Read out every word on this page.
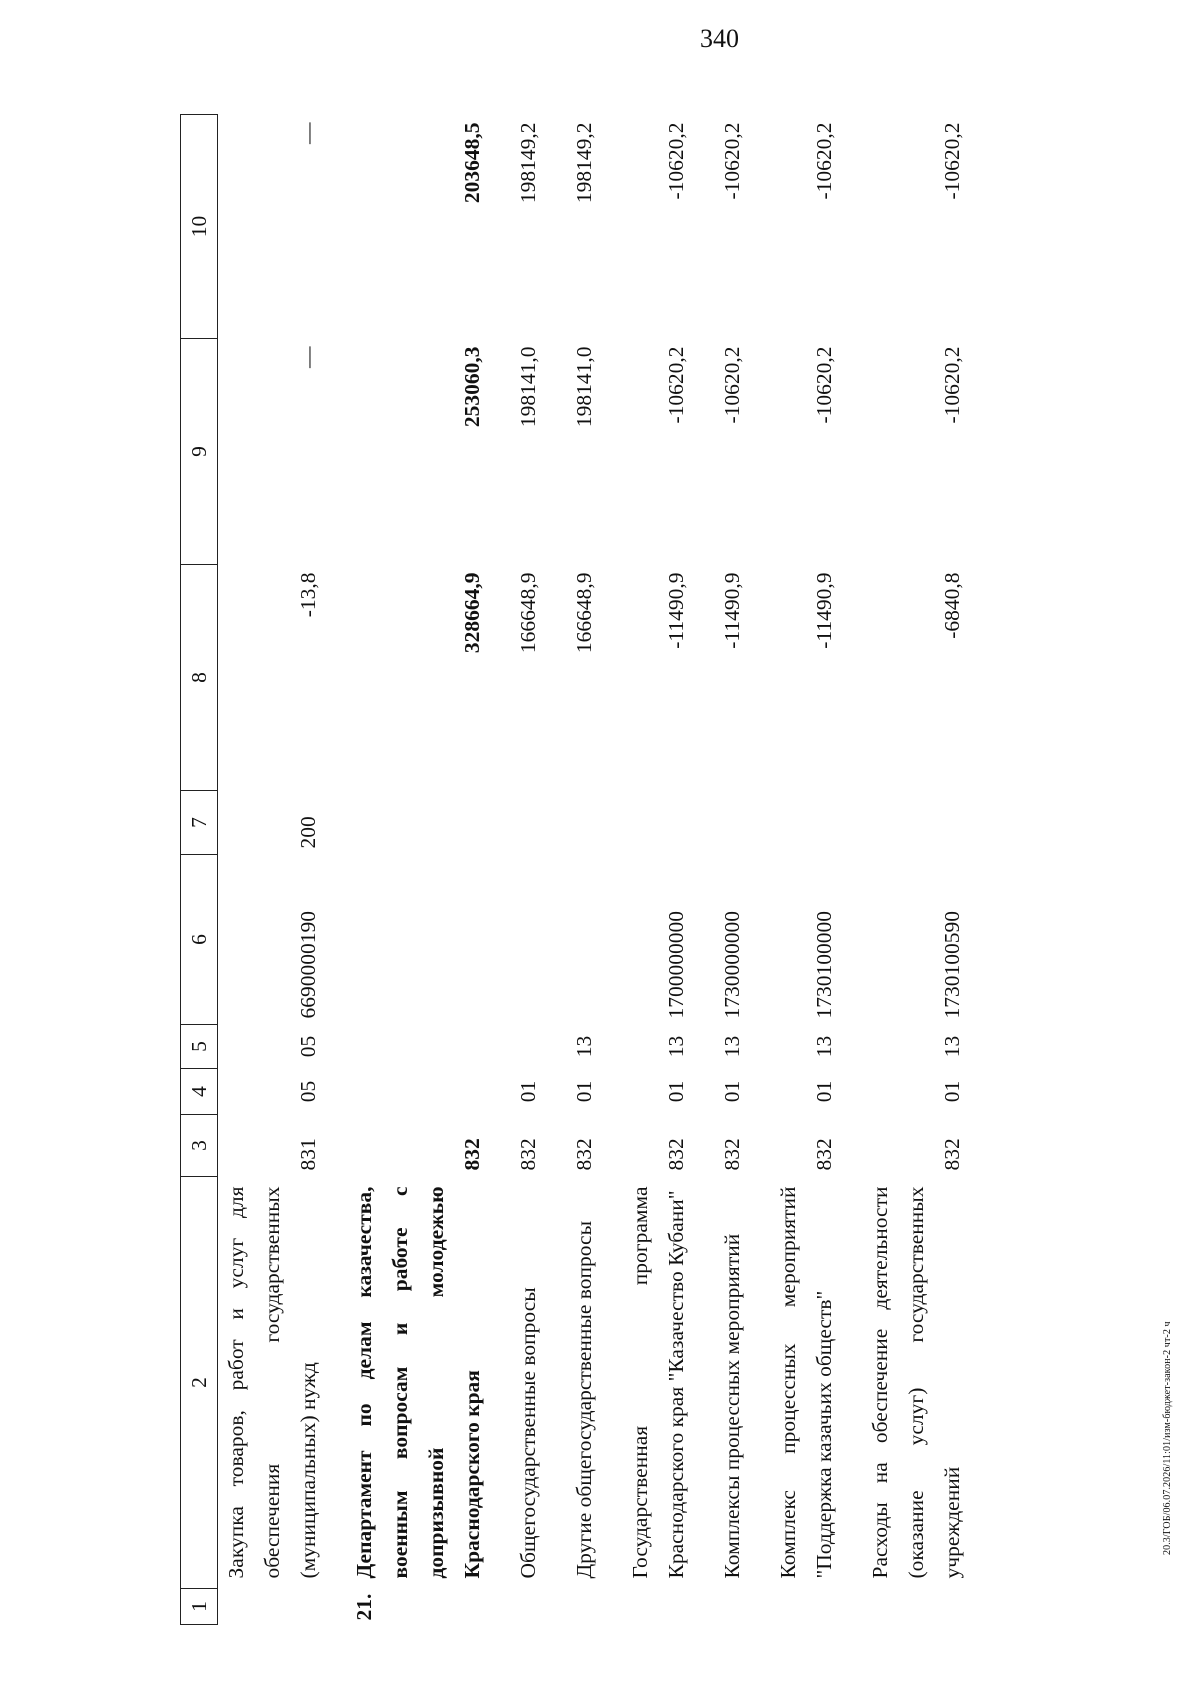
340
20.3/ГОБ/06.07.2026/11:01/изм-бюджет-закон-2 чт-2 ч
1	2	3	4	5	6	7	8	9	10
	Закупка товаров, работ и услуг для обеспечения государственных (муниципальных) нужд	831	05	05	6690000190	200	-13,8	—	—

21.	Департамент по делам казачества, военным вопросам и работе с допризывной молодежью Краснодарского края	832					328664,9	253060,3	203648,5

	Общегосударственные вопросы	832	01				166648,9	198141,0	198149,2

	Другие общегосударственные вопросы	832	01	13			166648,9	198141,0	198149,2

	Государственная программа Краснодарского края "Казачество Кубани"	832	01	13	1700000000		-11490,9	-10620,2	-10620,2

	Комплексы процессных мероприятий	832	01	13	1730000000		-11490,9	-10620,2	-10620,2

	Комплекс процессных мероприятий "Поддержка казачьих обществ"	832	01	13	1730100000		-11490,9	-10620,2	-10620,2

	Расходы на обеспечение деятельности (оказание услуг) государственных учреждений	832	01	13	1730100590		-6840,8	-10620,2	-10620,2
